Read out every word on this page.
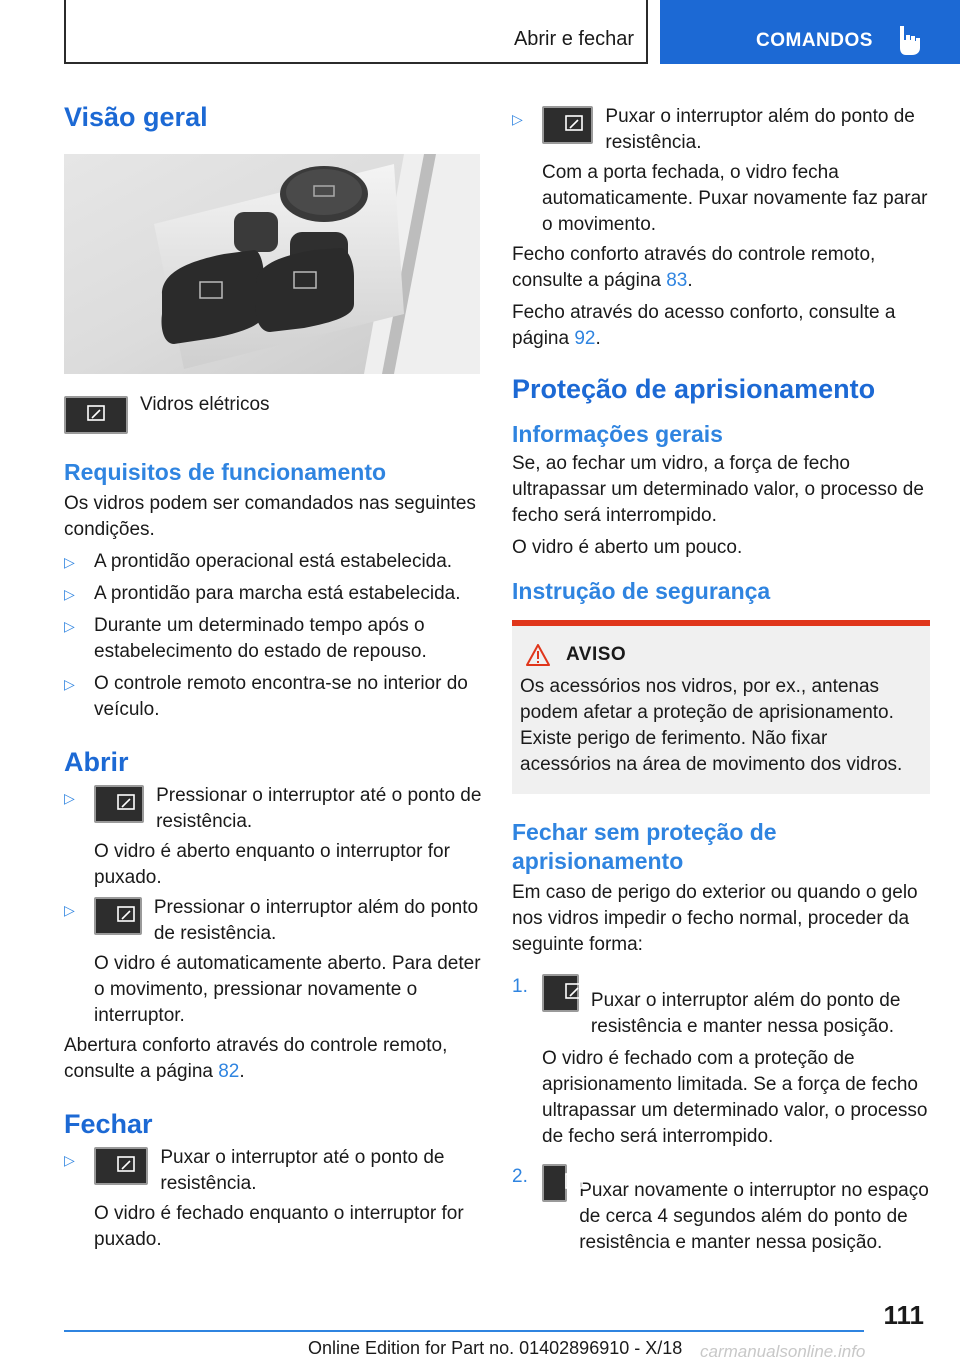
Abrir e fechar	COMANDOS
Visão geral

Vidros elétricos

Requisitos de funcionamento

Os vidros podem ser comandados nas seguintes condições.

▷	A prontidão operacional está estabelecida.

▷	A prontidão para marcha está estabelecida.

▷	Durante um determinado tempo após o estabelecimento do estado de repouso.

▷	O controle remoto encontra-se no interior do veículo.

Abrir
▷	Pressionar o interruptor até o ponto de resistência.

O vidro é aberto enquanto o interruptor for puxado.

▷	Pressionar o interruptor além do ponto de resistência.

O vidro é automaticamente aberto. Para deter o movimento, pressionar novamente o interruptor.

Abertura conforto através do controle remoto, consulte a página 82.

Fechar
▷	Puxar o interruptor até o ponto de resistência.

O vidro é fechado enquanto o interruptor for puxado.

▷	Puxar o interruptor além do ponto de resistência.

Com a porta fechada, o vidro fecha automaticamente. Puxar novamente faz parar o movimento.

Fecho conforto através do controle remoto, consulte a página 83.

Fecho através do acesso conforto, consulte a página 92.

Proteção de aprisionamento
Informações gerais

Se, ao fechar um vidro, a força de fecho ultrapassar um determinado valor, o processo de fecho será interrompido.

O vidro é aberto um pouco.

Instrução de segurança
AVISO

Os acessórios nos vidros, por ex., antenas podem afetar a proteção de aprisionamento.

Existe perigo de ferimento. Não fixar acessórios na área de movimento dos vidros.

Fechar sem proteção de aprisionamento

Em caso de perigo do exterior ou quando o gelo nos vidros impedir o fecho normal, proceder da seguinte forma:

1.

Puxar o interruptor além do ponto de resistência e manter nessa posição.

O vidro é fechado com a proteção de aprisionamento limitada. Se a força de fecho ultrapassar um determinado valor, o processo de fecho será interrompido.

2.

Puxar novamente o interruptor no espaço de cerca 4 segundos além do ponto de resistência e manter nessa posição.

111
Online Edition for Part no. 01402896910 - X/18 carmanualsonline.info
